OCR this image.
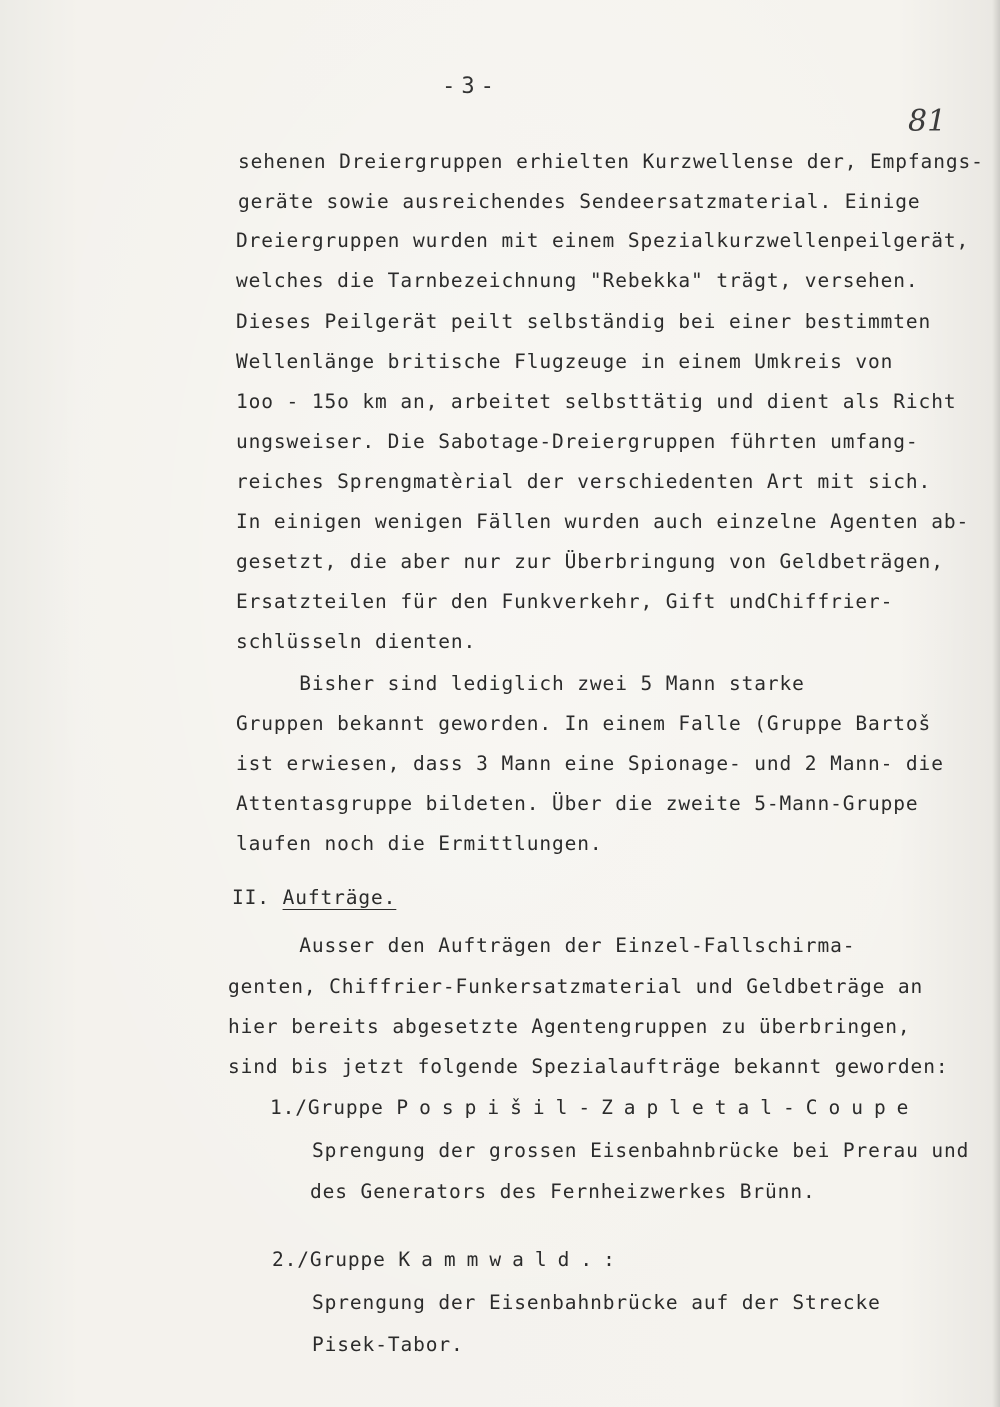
-3-
81
sehenen Dreiergruppen erhielten Kurzwellense der, Empfangs-
geräte sowie ausreichendes Sendeersatzmaterial. Einige
Dreiergruppen wurden mit einem Spezialkurzwellenpeilgerät,
welches die Tarnbezeichnung "Rebekka" trägt, versehen.
Dieses Peilgerät peilt selbständig bei einer bestimmten
Wellenlänge britische Flugzeuge in einem Umkreis von
1oo - 15o km an, arbeitet selbsttätig und dient als Richt
ungsweiser. Die Sabotage-Dreiergruppen führten umfang-
reiches Sprengmatèrial der verschiedenten Art mit sich.
In einigen wenigen Fällen wurden auch einzelne Agenten ab-
gesetzt, die aber nur zur Überbringung von Geldbeträgen,
Ersatzteilen für den Funkverkehr, Gift undChiffrier-
schlüsseln dienten.
Bisher sind lediglich zwei 5 Mann starke
Gruppen bekannt geworden. In einem Falle (Gruppe Bartoš
ist erwiesen, dass 3 Mann eine Spionage- und 2 Mann- die
Attentasgruppe bildeten. Über die zweite 5-Mann-Gruppe
laufen noch die Ermittlungen.
II. Aufträge.
Ausser den Aufträgen der Einzel-Fallschirma-
genten, Chiffrier-Funkersatzmaterial und Geldbeträge an
hier bereits abgesetzte Agentengruppen zu überbringen,
sind bis jetzt folgende Spezialaufträge bekannt geworden:
1./Gruppe Pospišil-Zapletal-Coupe
Sprengung der grossen Eisenbahnbrücke bei Prerau und
des Generators des Fernheizwerkes Brünn.
2./Gruppe Kammwald.:
Sprengung der Eisenbahnbrücke auf der Strecke
Pisek-Tabor.
